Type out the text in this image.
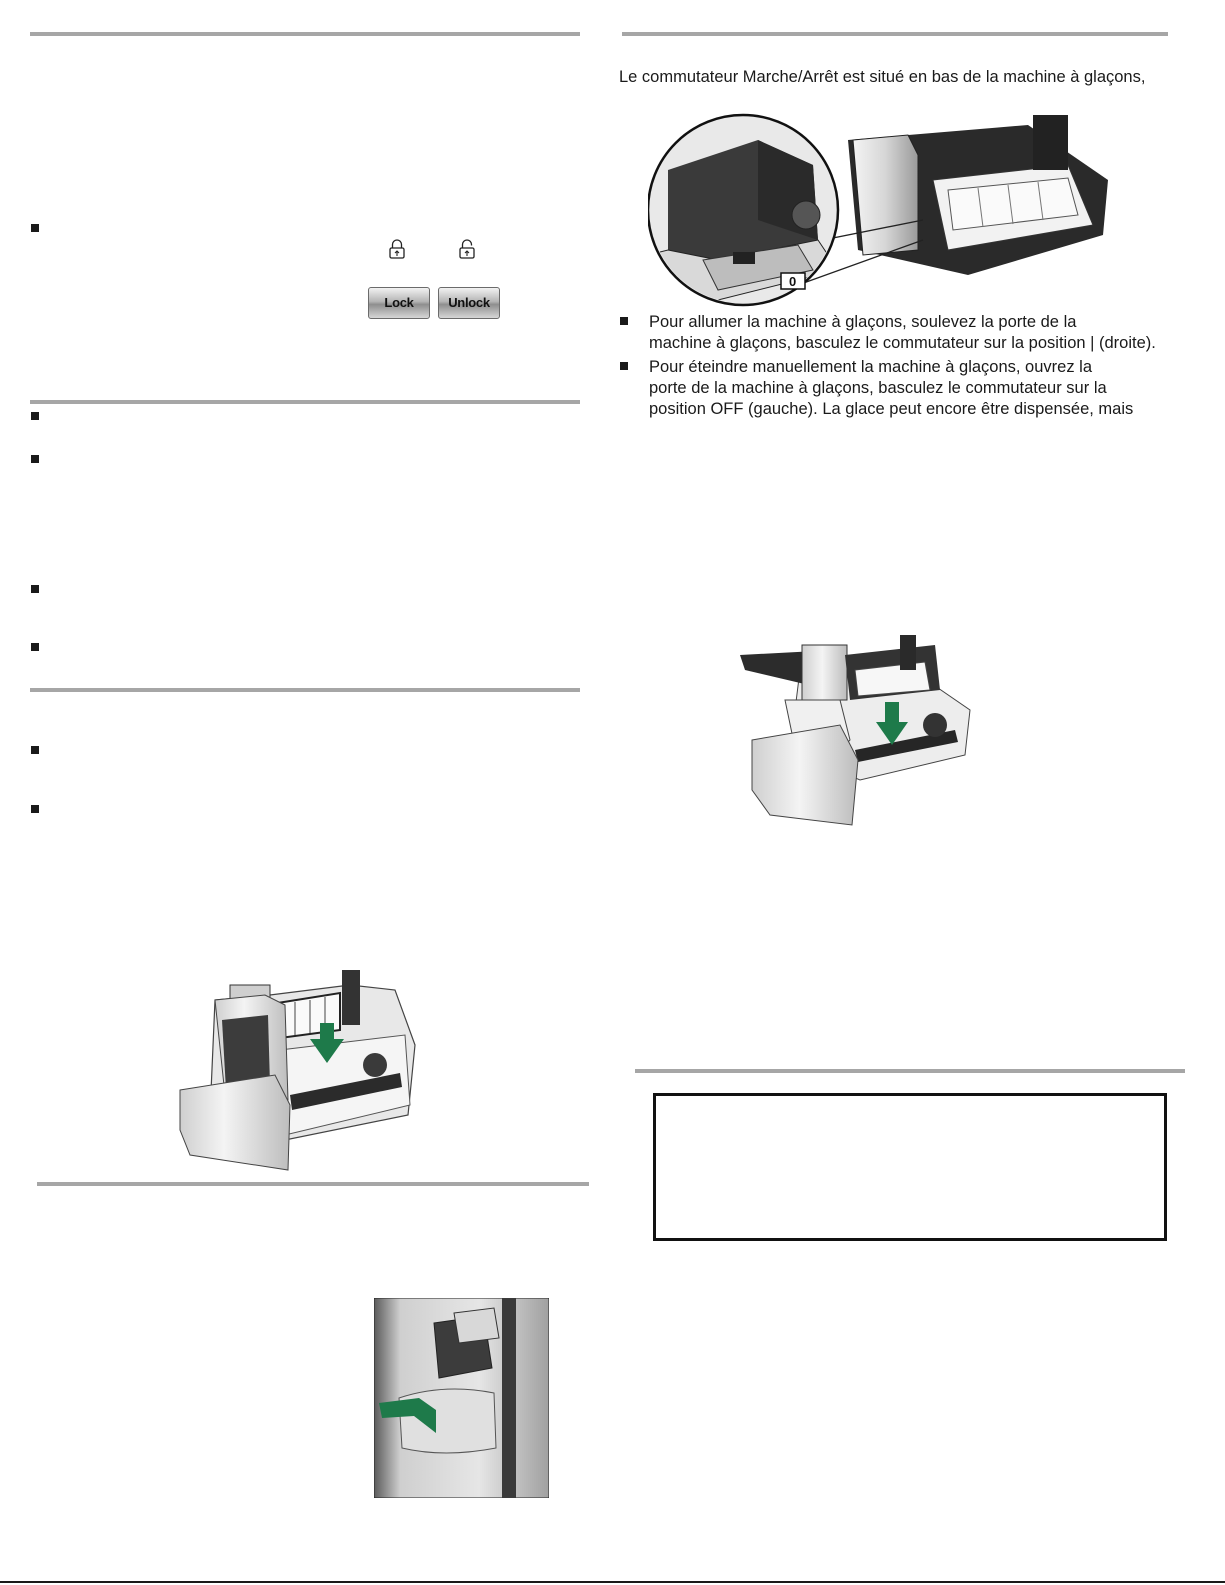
Lock	Unlock
Le commutateur Marche/Arrêt est situé en bas de la machine à glaçons,
0
Pour allumer la machine à glaçons, soulevez la porte de la
machine à glaçons, basculez le commutateur sur la position | (droite).
Pour éteindre manuellement la machine à glaçons, ouvrez la
porte de la machine à glaçons, basculez le commutateur sur la
position OFF (gauche). La glace peut encore être dispensée, mais
